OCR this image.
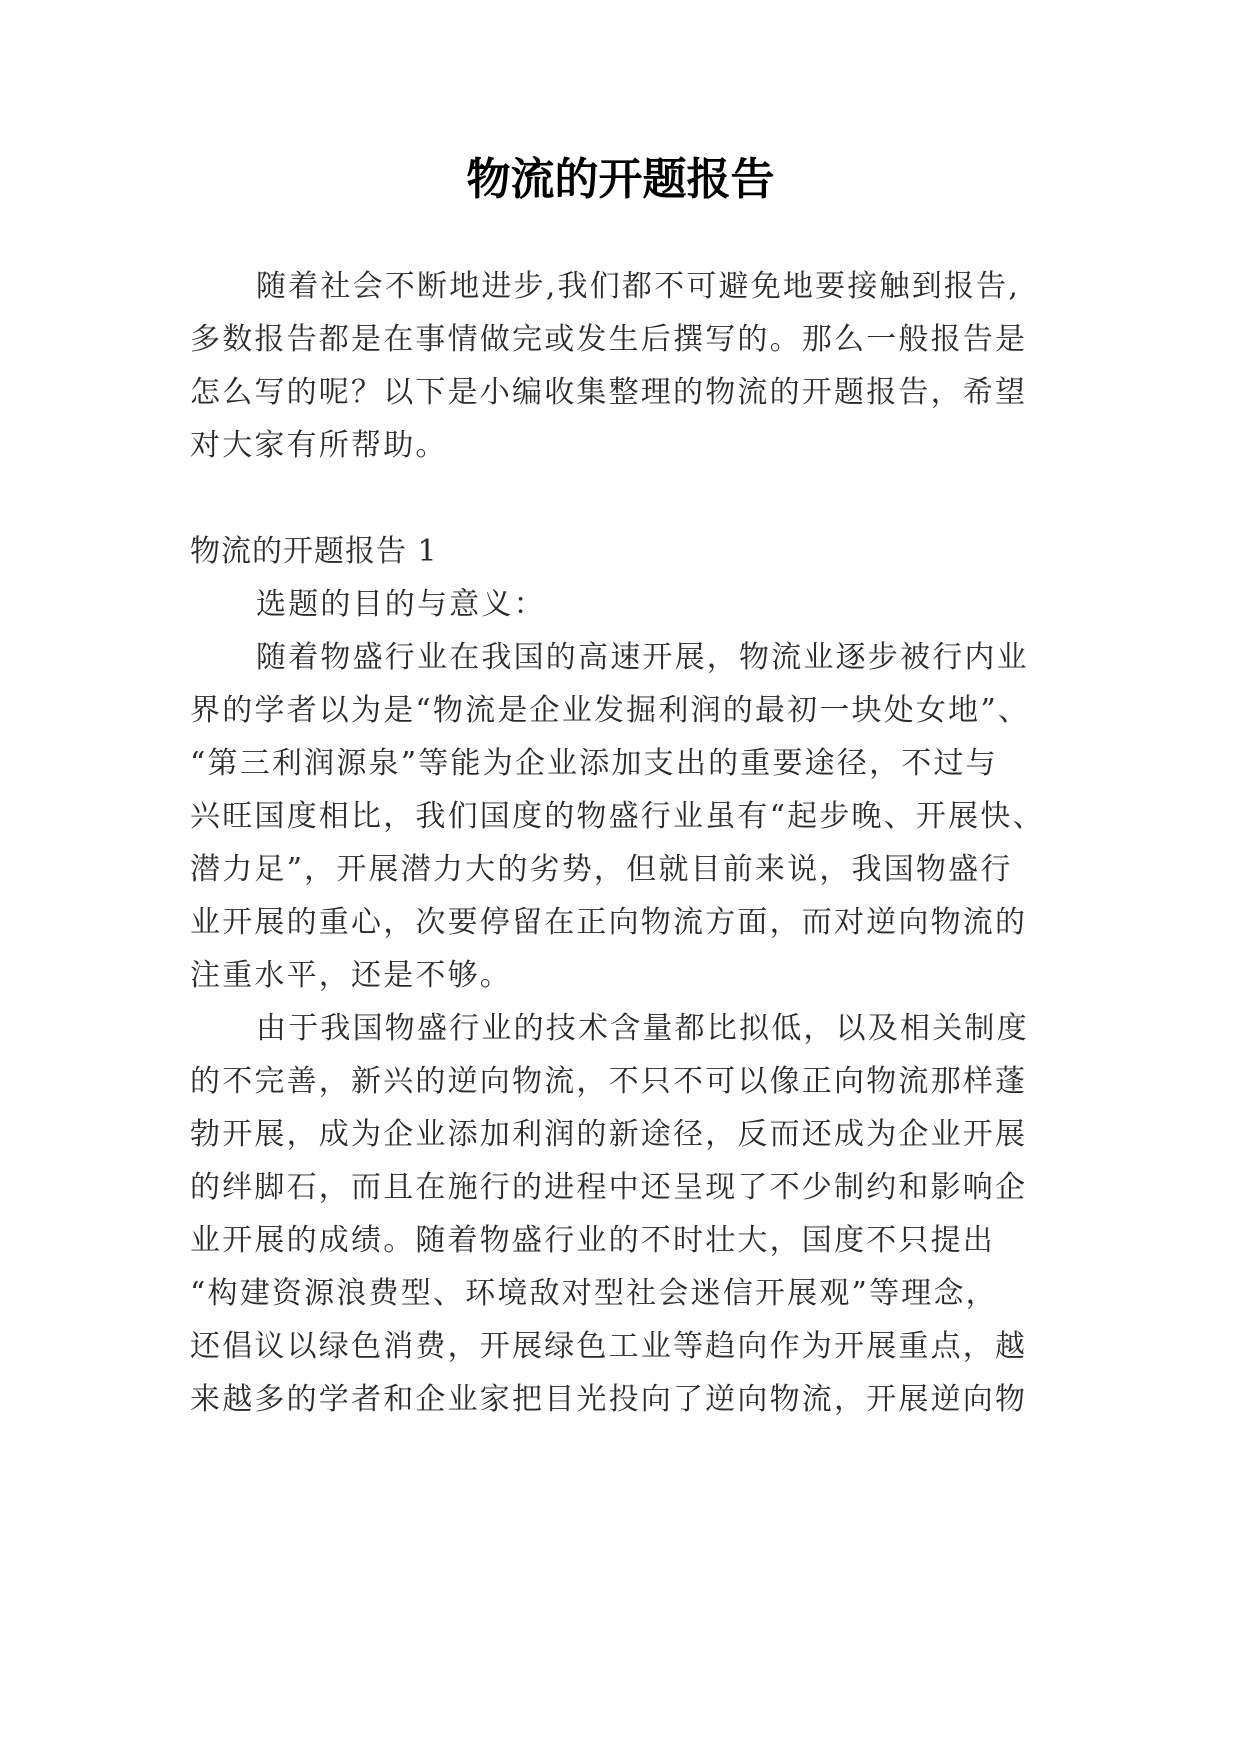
物流的开题报告
随着社会不断地进步,我们都不可避免地要接触到报告,
多数报告都是在事情做完或发生后撰写的。那么一般报告是
怎么写的呢？以下是小编收集整理的物流的开题报告，希望
对大家有所帮助。
物流的开题报告 1
选题的目的与意义：
随着物盛行业在我国的高速开展，物流业逐步被行内业
界的学者以为是“物流是企业发掘利润的最初一块处女地”、
“第三利润源泉”等能为企业添加支出的重要途径，不过与
兴旺国度相比，我们国度的物盛行业虽有“起步晚、开展快、
潜力足”，开展潜力大的劣势，但就目前来说，我国物盛行
业开展的重心，次要停留在正向物流方面，而对逆向物流的
注重水平，还是不够。
由于我国物盛行业的技术含量都比拟低，以及相关制度
的不完善，新兴的逆向物流，不只不可以像正向物流那样蓬
勃开展，成为企业添加利润的新途径，反而还成为企业开展
的绊脚石，而且在施行的进程中还呈现了不少制约和影响企
业开展的成绩。随着物盛行业的不时壮大，国度不只提出
“构建资源浪费型、环境敌对型社会迷信开展观”等理念，
还倡议以绿色消费，开展绿色工业等趋向作为开展重点，越
来越多的学者和企业家把目光投向了逆向物流，开展逆向物
